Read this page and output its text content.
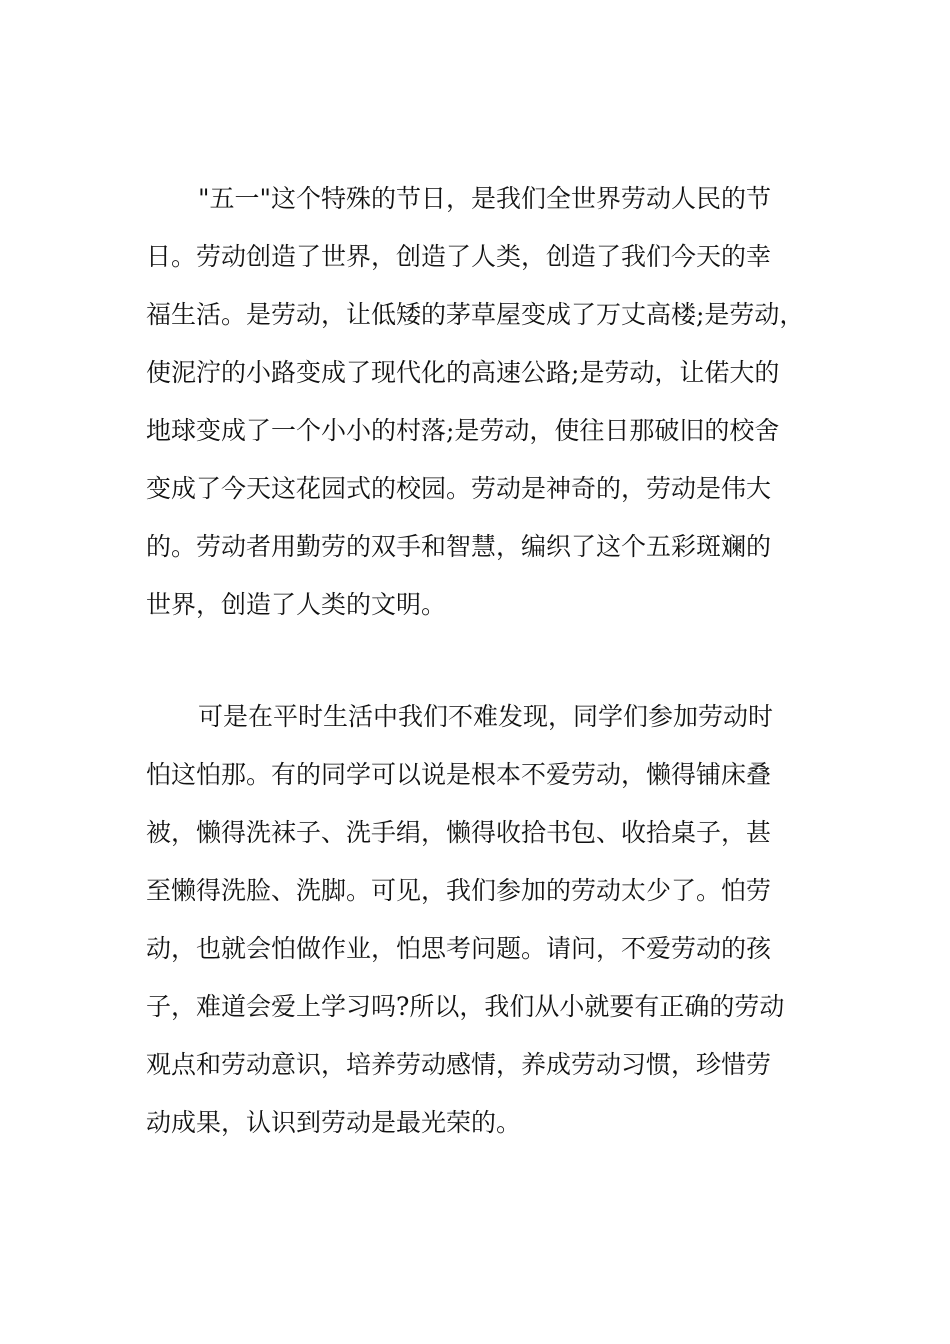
"五一"这个特殊的节日，是我们全世界劳动人民的节
日。劳动创造了世界，创造了人类，创造了我们今天的幸
福生活。是劳动，让低矮的茅草屋变成了万丈高楼;是劳动，
使泥泞的小路变成了现代化的高速公路;是劳动，让偌大的
地球变成了一个小小的村落;是劳动，使往日那破旧的校舍
变成了今天这花园式的校园。劳动是神奇的，劳动是伟大
的。劳动者用勤劳的双手和智慧，编织了这个五彩斑斓的
世界，创造了人类的文明。
可是在平时生活中我们不难发现，同学们参加劳动时
怕这怕那。有的同学可以说是根本不爱劳动，懒得铺床叠
被，懒得洗袜子、洗手绢，懒得收拾书包、收拾桌子，甚
至懒得洗脸、洗脚。可见，我们参加的劳动太少了。怕劳
动，也就会怕做作业，怕思考问题。请问，不爱劳动的孩
子，难道会爱上学习吗?所以，我们从小就要有正确的劳动
观点和劳动意识，培养劳动感情，养成劳动习惯，珍惜劳
动成果，认识到劳动是最光荣的。
